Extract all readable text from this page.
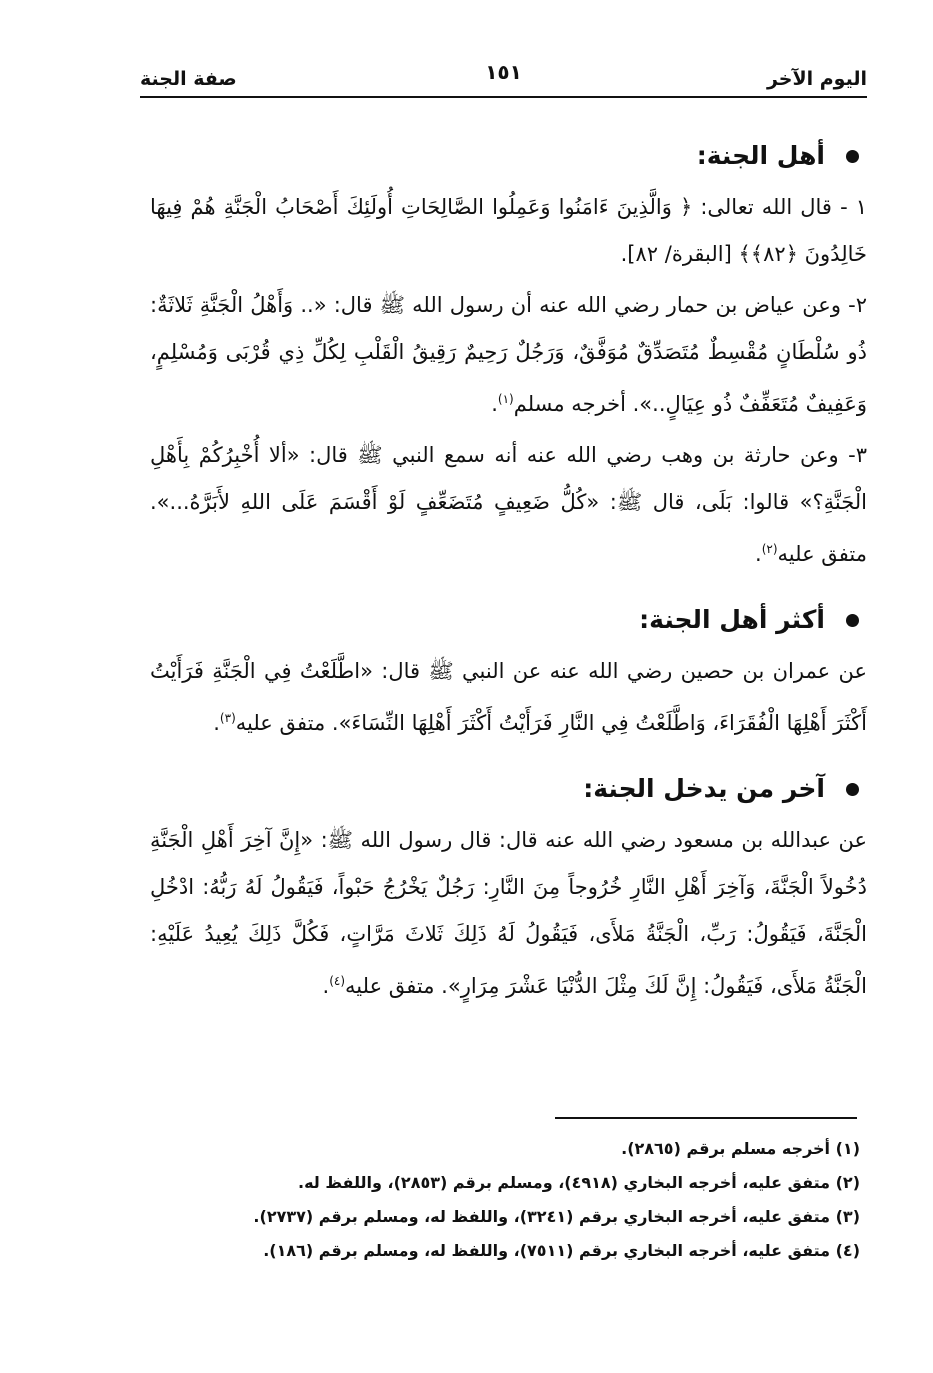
اليوم الآخر
١٥١
صفة الجنة
أهل الجنة:
١ - قال الله تعالى: ﴿ وَالَّذِينَ ءَامَنُوا وَعَمِلُوا الصَّالِحَاتِ أُولَئِكَ أَصْحَابُ الْجَنَّةِ هُمْ فِيهَا خَالِدُونَ ﴿٨٢﴾﴾ [البقرة/ ٨٢].
٢- وعن عياض بن حمار رضي الله عنه أن رسول الله ﷺ قال: «.. وَأَهْلُ الْجَنَّةِ ثَلاثَةٌ: ذُو سُلْطَانٍ مُقْسِطٌ مُتَصَدِّقٌ مُوَفَّقٌ، وَرَجُلٌ رَحِيمٌ رَقِيقُ الْقَلْبِ لِكُلِّ ذِي قُرْبَى وَمُسْلِمٍ، وَعَفِيفٌ مُتَعَفِّفٌ ذُو عِيَالٍ..». أخرجه مسلم$^{(١)}$.
٣- وعن حارثة بن وهب رضي الله عنه أنه سمع النبي ﷺ قال: «ألا أُخْبِرُكُمْ بِأَهْلِ الْجَنَّةِ؟» قالوا: بَلَى، قال ﷺ: «كُلُّ ضَعِيفٍ مُتَضَعِّفٍ لَوْ أَقْسَمَ عَلَى اللهِ لأَبَرَّهُ...». متفق عليه$^{(٢)}$.
أكثر أهل الجنة:
عن عمران بن حصين رضي الله عنه عن النبي ﷺ قال: «اطَّلَعْتُ فِي الْجَنَّةِ فَرَأَيْتُ أَكْثَرَ أَهْلِهَا الْفُقَرَاءَ، وَاطَّلَعْتُ فِي النَّارِ فَرَأَيْتُ أَكْثَرَ أَهْلِهَا النِّسَاءَ». متفق عليه$^{(٣)}$.
آخر من يدخل الجنة:
عن عبدالله بن مسعود رضي الله عنه قال: قال رسول الله ﷺ: «إِنَّ آخِرَ أَهْلِ الْجَنَّةِ دُخُولاً الْجَنَّةَ، وَآخِرَ أَهْلِ النَّارِ خُرُوجاً مِنَ النَّارِ: رَجُلٌ يَخْرُجُ حَبْواً، فَيَقُولُ لَهُ رَبُّهُ: ادْخُلِ الْجَنَّةَ، فَيَقُولُ: رَبِّ، الْجَنَّةُ مَلأَى، فَيَقُولُ لَهُ ذَلِكَ ثَلاثَ مَرَّاتٍ، فَكُلَّ ذَلِكَ يُعِيدُ عَلَيْهِ: الْجَنَّةُ مَلأَى، فَيَقُولُ: إِنَّ لَكَ مِثْلَ الدُّنْيَا عَشْرَ مِرَارٍ». متفق عليه$^{(٤)}$.
(١) أخرجه مسلم برقم (٢٨٦٥).
(٢) متفق عليه، أخرجه البخاري (٤٩١٨)، ومسلم برقم (٢٨٥٣)، واللفظ له.
(٣) متفق عليه، أخرجه البخاري برقم (٣٢٤١)، واللفظ له، ومسلم برقم (٢٧٣٧).
(٤) متفق عليه، أخرجه البخاري برقم (٧٥١١)، واللفظ له، ومسلم برقم (١٨٦).
